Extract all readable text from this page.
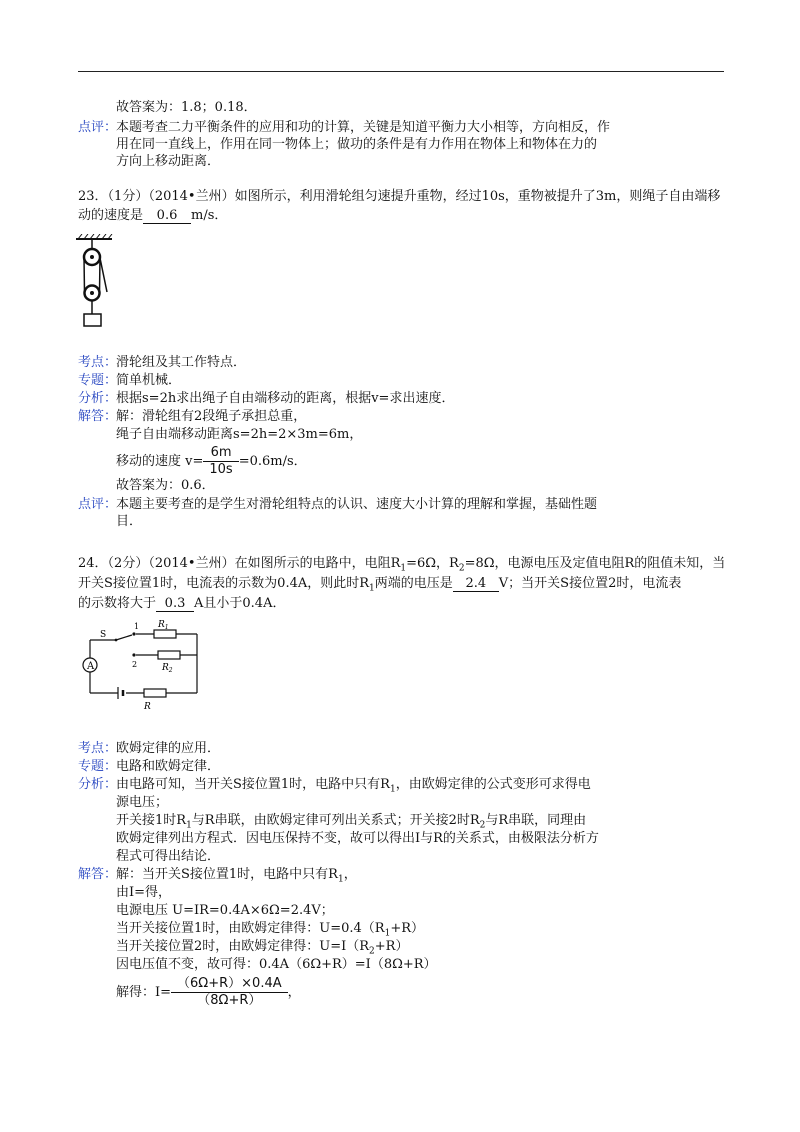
故答案为：1.8；0.18．
点评：
本题考查二力平衡条件的应用和功的计算，关键是知道平衡力大小相等，方向相反，作
用在同一直线上，作用在同一物体上；做功的条件是有力作用在物体上和物体在力的
方向上移动距离．
23．（1分）（2014•兰州）如图所示，利用滑轮组匀速提升重物，经过10s，重物被提升了3m，则绳子自由端移
动的速度是 0.6 m/s．
考点：
滑轮组及其工作特点．
专题：
简单机械．
分析：
根据s=2h求出绳子自由端移动的距离，根据v=求出速度．
解答：
解：滑轮组有2段绳子承担总重，
绳子自由端移动距离s=2h=2×3m=6m，
移动的速度 $v= \frac{6m}{10s} =0.6m/s$．
故答案为：0.6．
点评：
本题主要考查的是学生对滑轮组特点的认识、速度大小计算的理解和掌握，基础性题
目．
24．（2分）（2014•兰州）在如图所示的电路中，电阻$R_1=6\Omega$，$R_2=8\Omega$，电源电压及定值电阻R的阻值未知，当
开关S接位置1时，电流表的示数为0.4A，则此时$R_1$两端的电压是 2.4 V；当开关S接位置2时，电流表
的示数将大于 0.3 A且小于0.4A．
A
S
1
2
$R_1$
$R_2$
R
考点：
欧姆定律的应用．
专题：
电路和欧姆定律．
分析：
由电路可知，当开关S接位置1时，电路中只有$R_1$，由欧姆定律的公式变形可求得电
源电压；
开关接1时$R_1$与R串联，由欧姆定律可列出关系式；开关接2时$R_2$与R串联，同理由
欧姆定律列出方程式．因电压保持不变，故可以得出I与R的关系式，由极限法分析方
程式可得出结论．
解答：
解：当开关S接位置1时，电路中只有$R_1$，
由I=得，
电源电压 U=IR=0.4A×6Ω=2.4V；
当开关接位置1时，由欧姆定律得：$U=0.4(R_1+R)$
当开关接位置2时，由欧姆定律得：$U=I(R_2+R)$
因电压值不变，故可得：0.4A（6Ω+R）=I（8Ω+R）
解得：$I= \frac{(6\Omega+R)\times 0.4A}{(8\Omega+R)}$ ，
